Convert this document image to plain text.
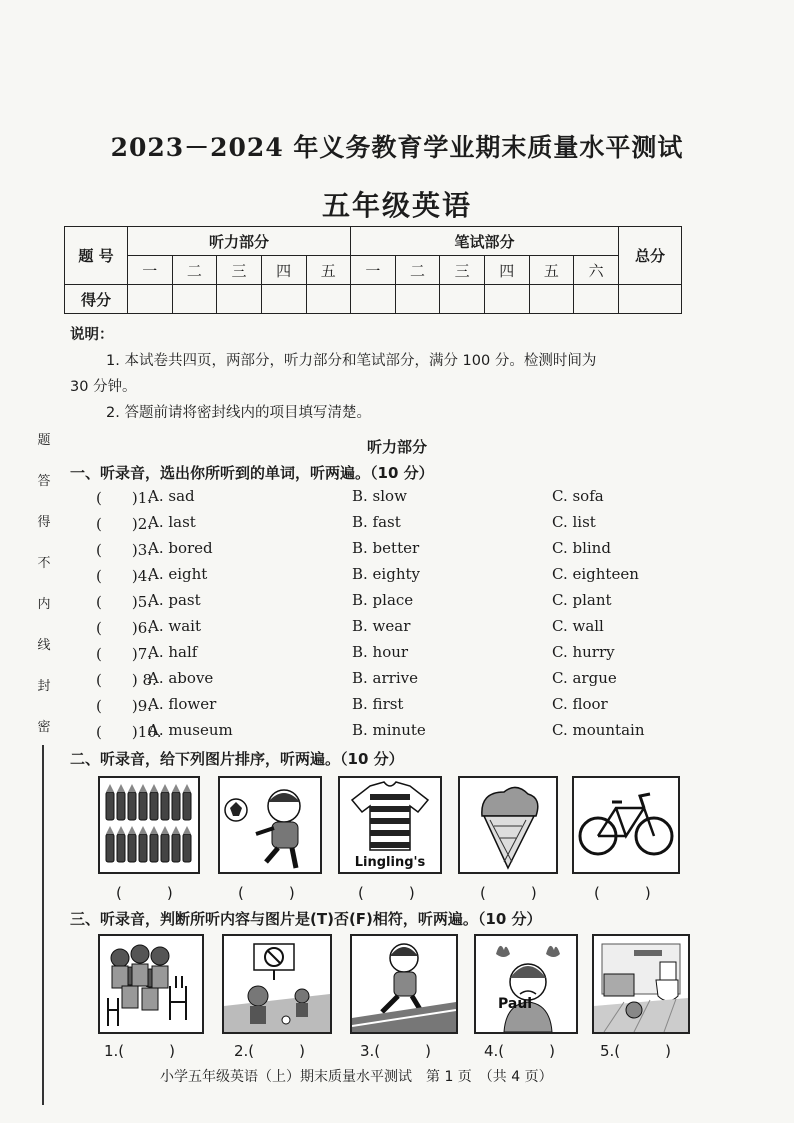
2023－2024 年义务教育学业期末质量水平测试
五年级英语
题 号	听力部分					笔试部分						总分
	一	二	三	四	五	一	二	三	四	五	六	
得分												
说明：
1. 本试卷共四页，两部分，听力部分和笔试部分，满分 100 分。检测时间为
30 分钟。
2. 答题前请将密封线内的项目填写清楚。
听力部分
一、听录音，选出你所听到的单词，听两遍。（10 分）
(　　)1.
A. sad	B. slow	C. sofa
(　　)2.
A. last	B. fast	C. list
(　　)3.
A. bored	B. better	C. blind
(　　)4.
A. eight	B. eighty	C. eighteen
(　　)5.
A. past	B. place	C. plant
(　　)6.
A. wait	B. wear	C. wall
(　　)7.
A. half	B. hour	C. hurry
(　　) 8.
A. above	B. arrive	C. argue
(　　)9.
A. flower	B. first	C. floor
(　　)10.
A. museum	B. minute	C. mountain
二、听录音，给下列图片排序，听两遍。（10 分）
Lingling's
(　　　)	(　　　)	(　　　)	(　　　)	(　　　)
三、听录音，判断所听内容与图片是(T)否(F)相符，听两遍。（10 分）
Paul
1.(　　　)	2.(　　　)	3.(　　　)	4.(　　　)	5.(　　　)
题
答
得
不
内
线
封
密
小学五年级英语（上）期末质量水平测试　第 1 页　（共 4 页）
